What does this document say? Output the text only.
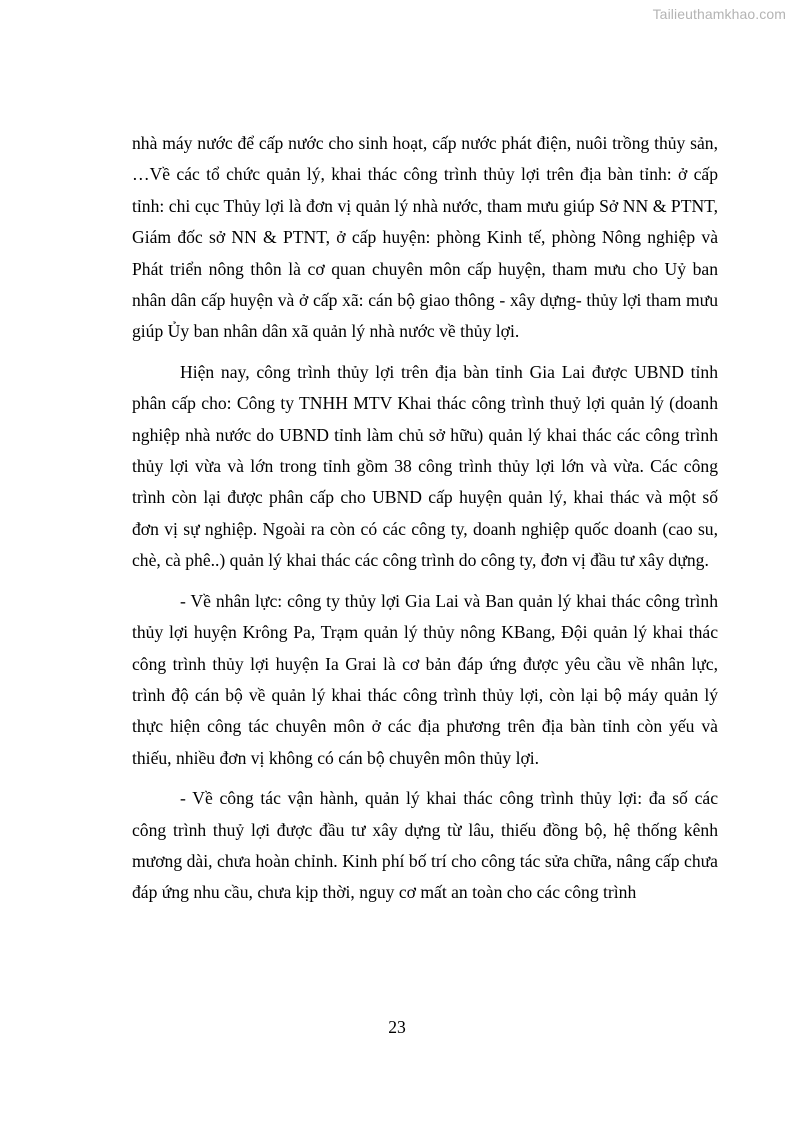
Tailieuthamkhao.com

nhà máy nước để cấp nước cho sinh hoạt, cấp nước phát điện, nuôi trồng thủy sản, …Về các tổ chức quản lý, khai thác công trình thủy lợi trên địa bàn tỉnh: ở cấp tỉnh: chi cục Thủy lợi là đơn vị quản lý nhà nước, tham mưu giúp Sở NN & PTNT, Giám đốc sở NN & PTNT, ở cấp huyện: phòng Kinh tế, phòng Nông nghiệp và Phát triển nông thôn là cơ quan chuyên môn cấp huyện, tham mưu cho Uỷ ban nhân dân cấp huyện và ở cấp xã: cán bộ giao thông - xây dựng- thủy lợi tham mưu giúp Ủy ban nhân dân xã quản lý nhà nước về thủy lợi.

Hiện nay, công trình thủy lợi trên địa bàn tỉnh Gia Lai được UBND tỉnh phân cấp cho: Công ty TNHH MTV Khai thác công trình thuỷ lợi quản lý (doanh nghiệp nhà nước do UBND tỉnh làm chủ sở hữu) quản lý khai thác các công trình thủy lợi vừa và lớn trong tỉnh gồm 38 công trình thủy lợi lớn và vừa. Các công trình còn lại được phân cấp cho UBND cấp huyện quản lý, khai thác và một số đơn vị sự nghiệp. Ngoài ra còn có các công ty, doanh nghiệp quốc doanh (cao su, chè, cà phê..) quản lý khai thác các công trình do công ty, đơn vị đầu tư xây dựng.

- Về nhân lực: công ty thủy lợi Gia Lai và Ban quản lý khai thác công trình thủy lợi huyện Krông Pa, Trạm quản lý thủy nông KBang, Đội quản lý khai thác công trình thủy lợi huyện Ia Grai là cơ bản đáp ứng được yêu cầu về nhân lực, trình độ cán bộ về quản lý khai thác công trình thủy lợi, còn lại bộ máy quản lý thực hiện công tác chuyên môn ở các địa phương trên địa bàn tỉnh còn yếu và thiếu, nhiều đơn vị không có cán bộ chuyên môn thủy lợi.

- Về công tác vận hành, quản lý khai thác công trình thủy lợi: đa số các công trình thuỷ lợi được đầu tư xây dựng từ lâu, thiếu đồng bộ, hệ thống kênh mương dài, chưa hoàn chỉnh. Kinh phí bố trí cho công tác sửa chữa, nâng cấp chưa đáp ứng nhu cầu, chưa kịp thời, nguy cơ mất an toàn cho các công trình

23
